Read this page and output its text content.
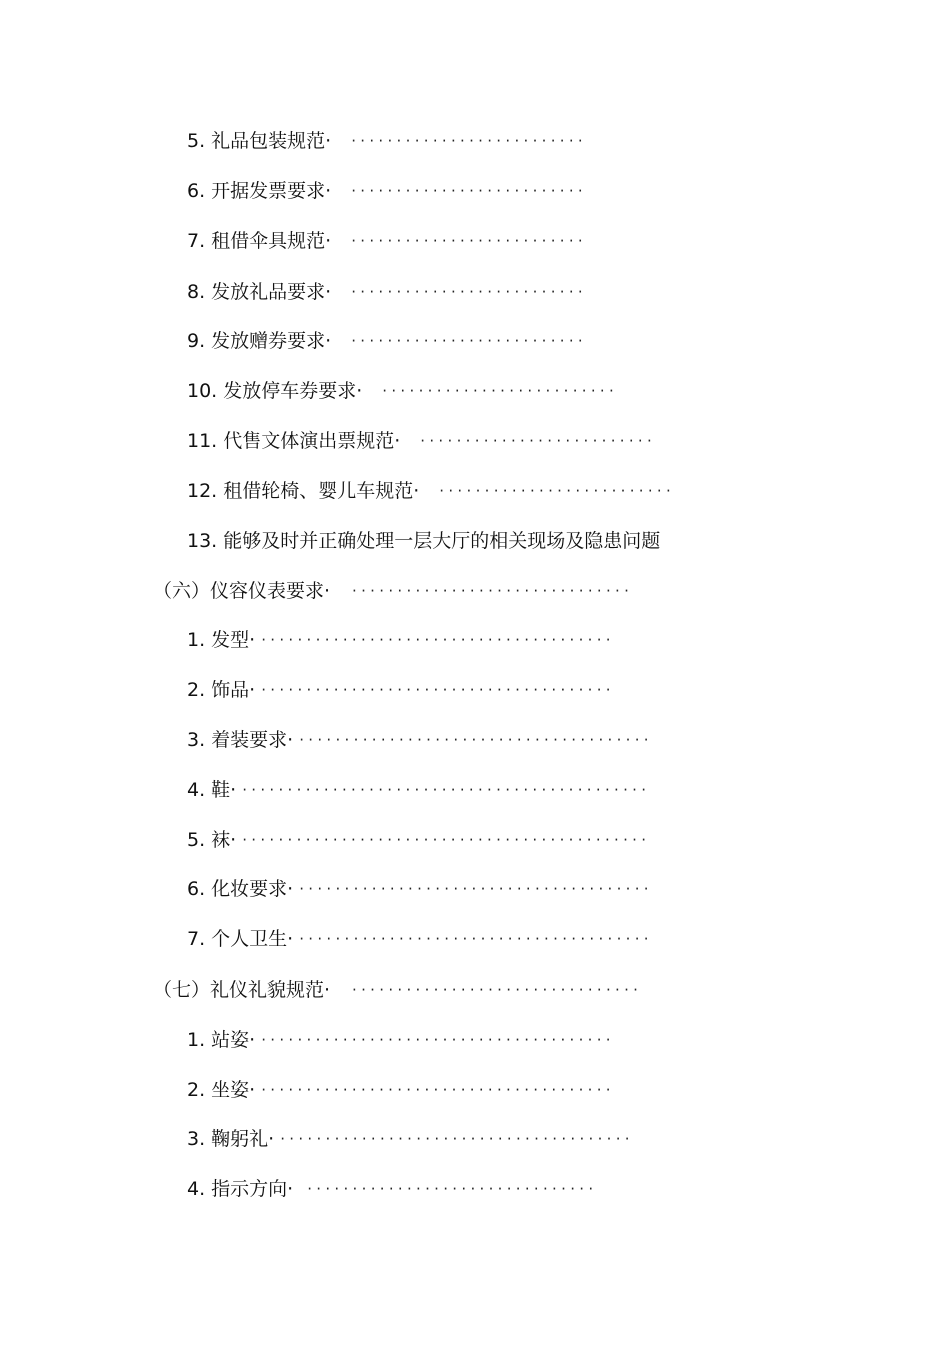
5. 礼品包装规范· ··························
6. 开据发票要求· ··························
7. 租借伞具规范· ··························
8. 发放礼品要求· ··························
9. 发放赠券要求· ··························
10. 发放停车券要求· ··························
11. 代售文体演出票规范· ··························
12. 租借轮椅、婴儿车规范· ··························
13. 能够及时并正确处理一层大厅的相关现场及隐患问题
（六）仪容仪表要求· ·······························
1. 发型· ·······································
2. 饰品· ·······································
3. 着装要求· ·······································
4. 鞋· ·············································
5. 袜· ·············································
6. 化妆要求· ·······································
7. 个人卫生· ·······································
（七）礼仪礼貌规范· ································
1. 站姿· ·······································
2. 坐姿· ·······································
3. 鞠躬礼· ·······································
4. 指示方向· ································
